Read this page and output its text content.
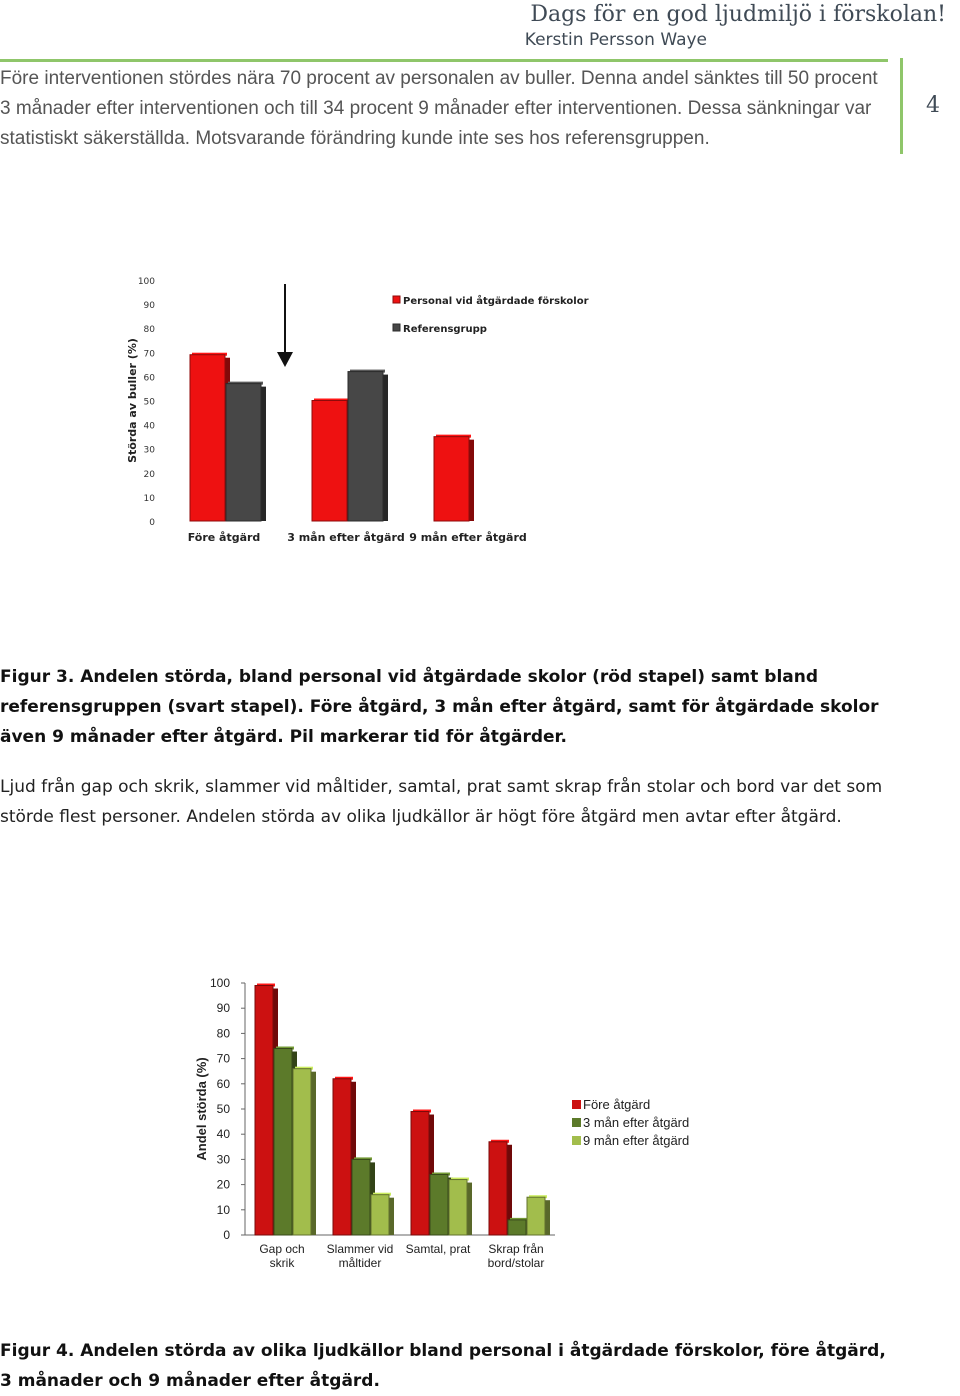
Dags för en god ljudmiljö i förskolan!
Kerstin Persson Waye
4
Före interventionen stördes nära 70 procent av personalen av buller. Denna andel sänktes till 50 procent 3 månader efter interventionen och till 34 procent 9 månader efter interventionen. Dessa sänkningar var statistiskt säkerställda. Motsvarande förändring kunde inte ses hos referensgruppen.
0
10
20
30
40
50
60
70
80
90
100
Störda av buller (%)
Före åtgärd 3 mån efter åtgärd 9 mån efter åtgärd
Personal vid åtgärdade förskolor
Referensgrupp
Figur 3. Andelen störda, bland personal vid åtgärdade skolor (röd stapel) samt bland referensgruppen (svart stapel). Före åtgärd, 3 mån efter åtgärd, samt för åtgärdade skolor även 9 månader efter åtgärd. Pil markerar tid för åtgärder.
Ljud från gap och skrik, slammer vid måltider, samtal, prat samt skrap från stolar och bord var det som störde flest personer. Andelen störda av olika ljudkällor är högt före åtgärd men avtar efter åtgärd.
0
10
20
30
40
50
60
70
80
90
100
Andel störda (%)
Gap och skrik
Slammer vid måltider
Samtal, prat Skrap från bord/stolar
Före åtgärd
3 mån efter åtgärd
9 mån efter åtgärd
Figur 4. Andelen störda av olika ljudkällor bland personal i åtgärdade förskolor, före åtgärd, 3 månader och 9 månader efter åtgärd.
